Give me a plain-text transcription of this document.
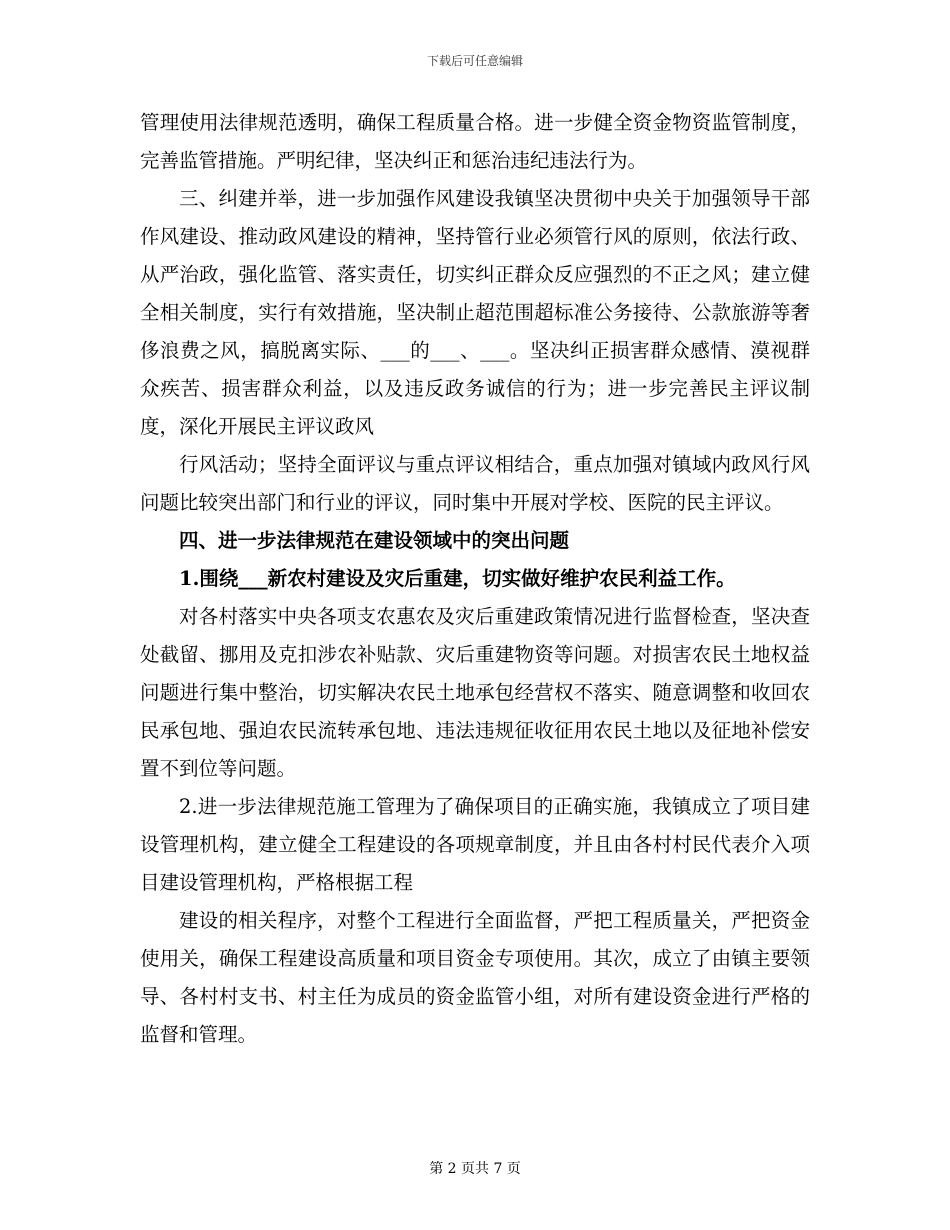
下载后可任意编辑

管理使用法律规范透明，确保工程质量合格。进一步健全资金物资监管制度，完善监管措施。严明纪律，坚决纠正和惩治违纪违法行为。

三、纠建并举，进一步加强作风建设我镇坚决贯彻中央关于加强领导干部作风建设、推动政风建设的精神，坚持管行业必须管行风的原则，依法行政、从严治政，强化监管、落实责任，切实纠正群众反应强烈的不正之风；建立健全相关制度，实行有效措施，坚决制止超范围超标准公务接待、公款旅游等奢侈浪费之风，搞脱离实际、___的___、___。坚决纠正损害群众感情、漠视群众疾苦、损害群众利益，以及违反政务诚信的行为；进一步完善民主评议制度，深化开展民主评议政风

行风活动；坚持全面评议与重点评议相结合，重点加强对镇域内政风行风问题比较突出部门和行业的评议，同时集中开展对学校、医院的民主评议。

四、进一步法律规范在建设领域中的突出问题

1.围绕___新农村建设及灾后重建，切实做好维护农民利益工作。

对各村落实中央各项支农惠农及灾后重建政策情况进行监督检查，坚决查处截留、挪用及克扣涉农补贴款、灾后重建物资等问题。对损害农民土地权益问题进行集中整治，切实解决农民土地承包经营权不落实、随意调整和收回农民承包地、强迫农民流转承包地、违法违规征收征用农民土地以及征地补偿安置不到位等问题。

2.进一步法律规范施工管理为了确保项目的正确实施，我镇成立了项目建设管理机构，建立健全工程建设的各项规章制度，并且由各村村民代表介入项目建设管理机构，严格根据工程

建设的相关程序，对整个工程进行全面监督，严把工程质量关，严把资金使用关，确保工程建设高质量和项目资金专项使用。其次，成立了由镇主要领导、各村村支书、村主任为成员的资金监管小组，对所有建设资金进行严格的监督和管理。

第 2 页共 7 页
